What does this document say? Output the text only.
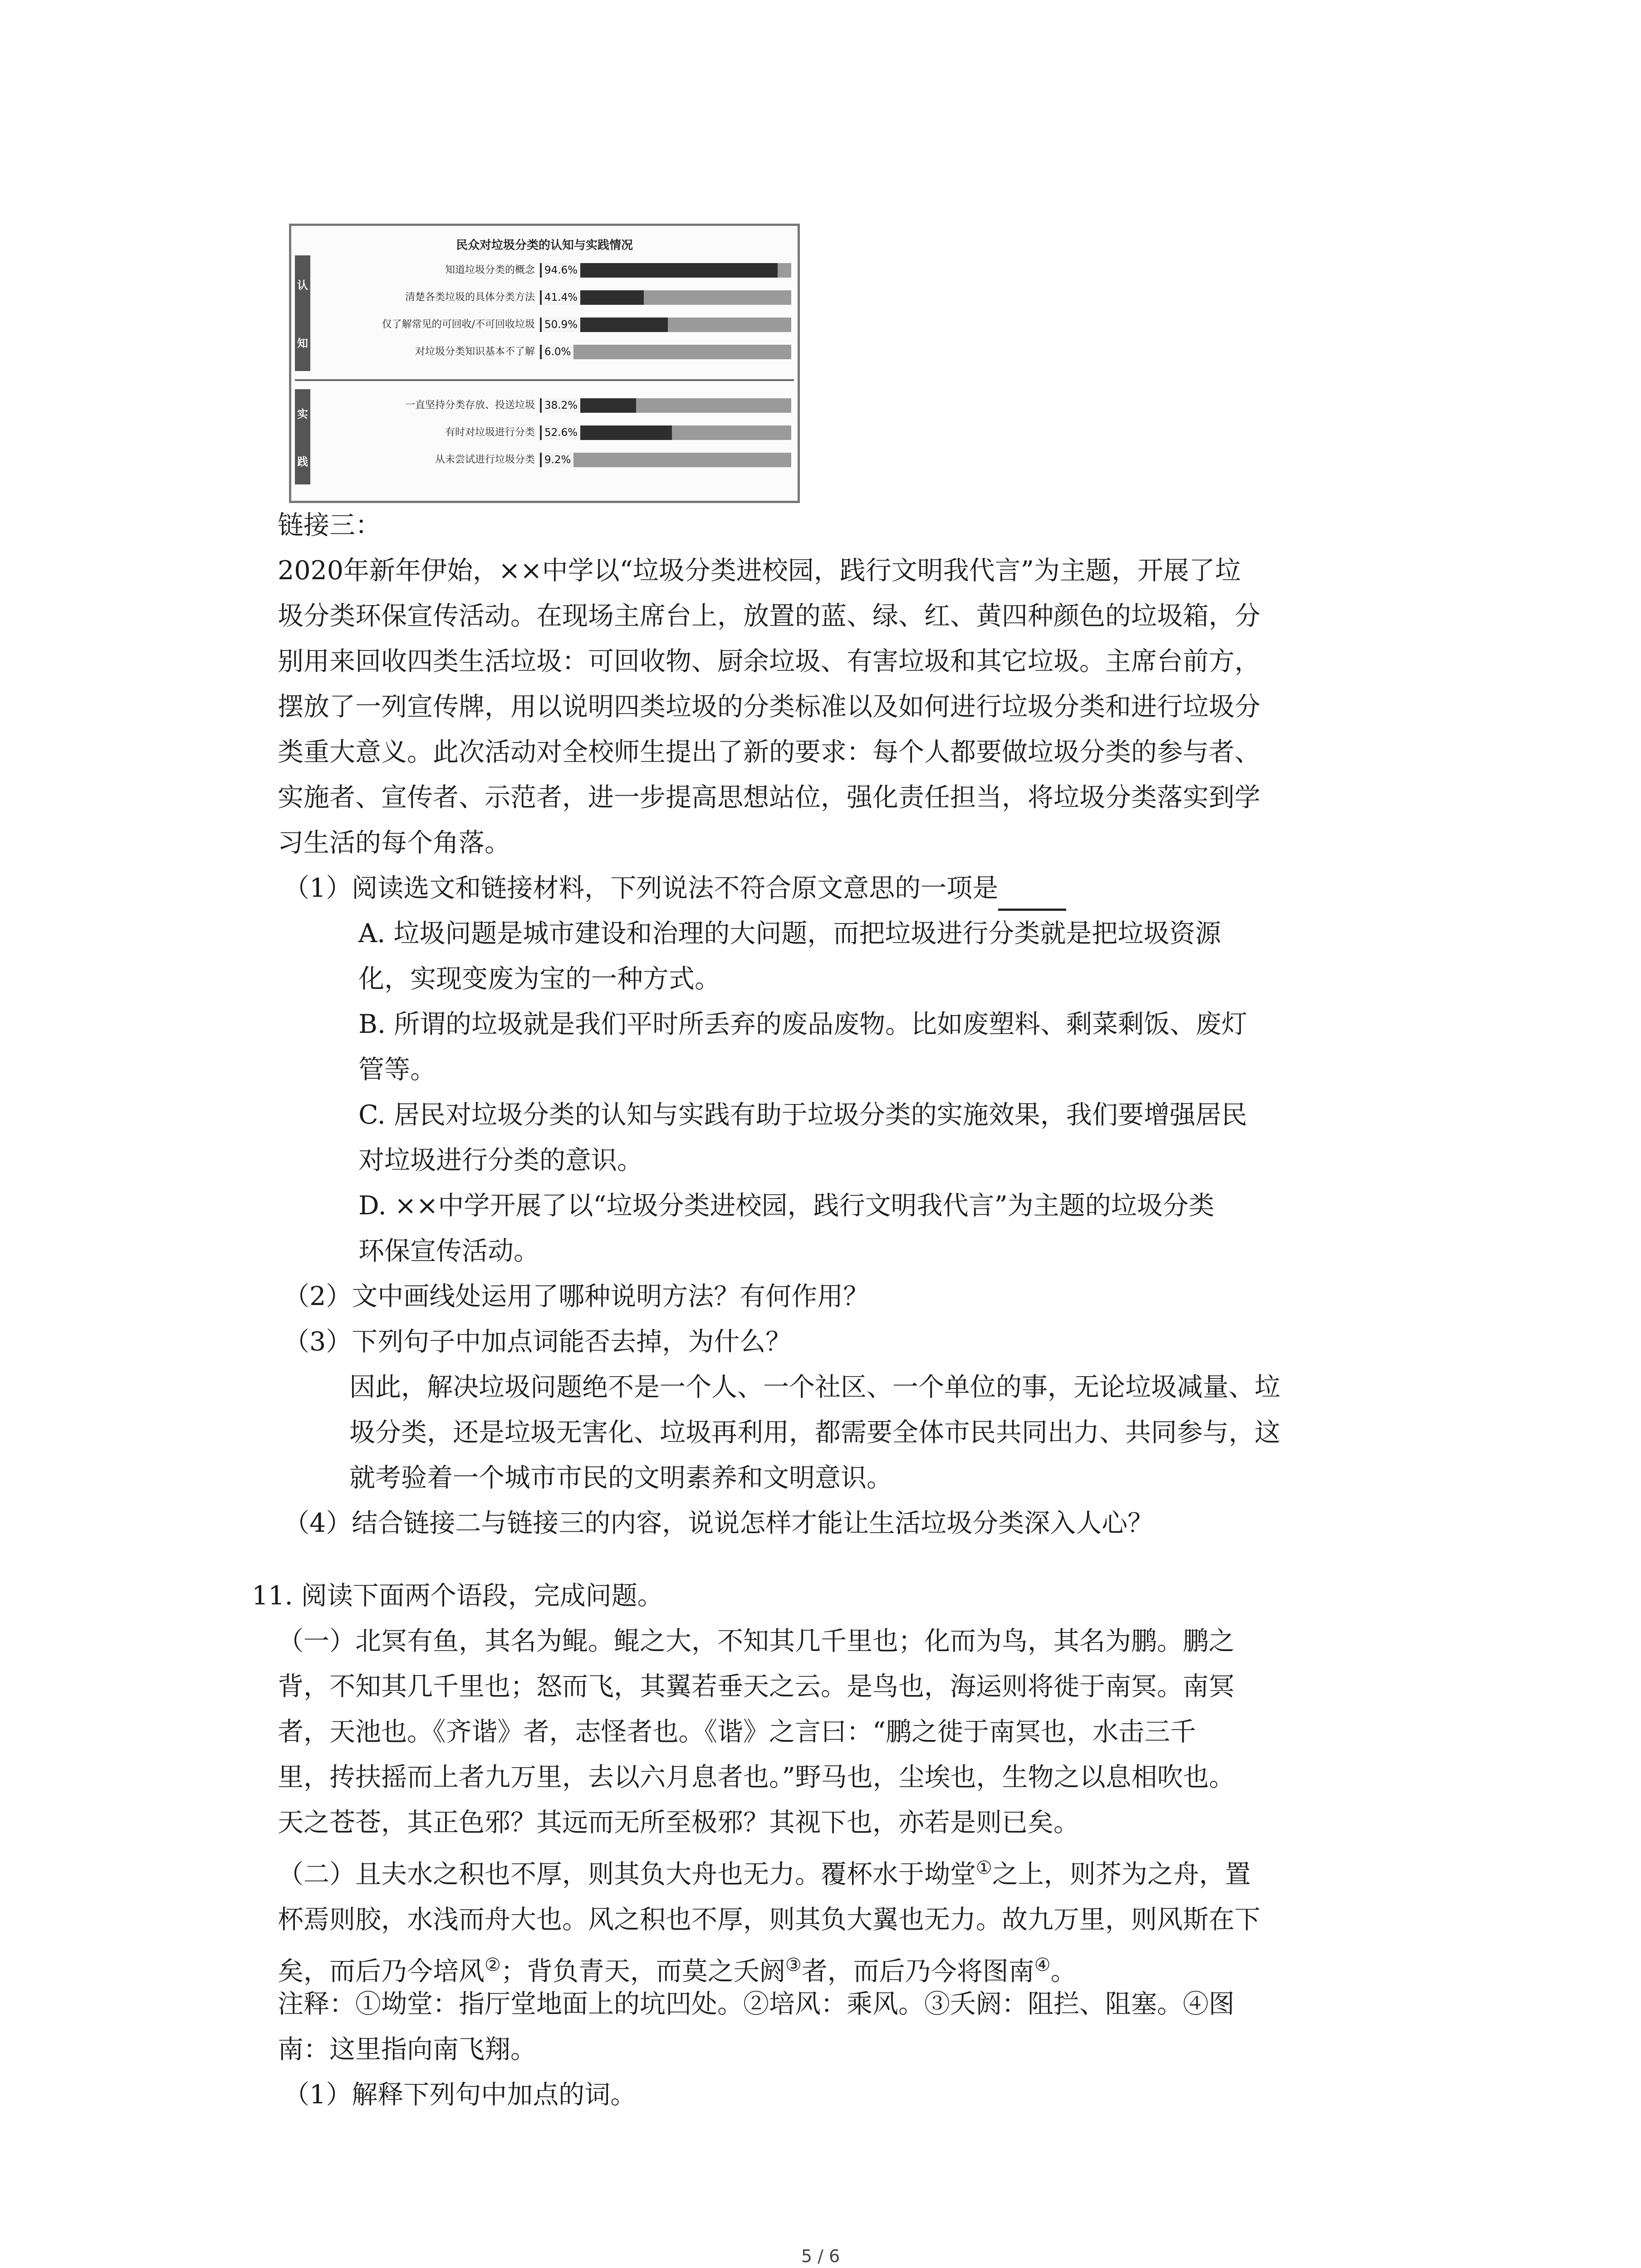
民众对垃圾分类的认知与实践情况
认
知
知道垃圾分类的概念 94.6%
清楚各类垃圾的具体分类方法 41.4%
仅了解常见的可回收/不可回收垃圾 50.9%
对垃圾分类知识基本不了解 6.0%
实
践
一直坚持分类存放、投送垃圾 38.2%
有时对垃圾进行分类 52.6%
从未尝试进行垃圾分类 9.2%
链接三：
2020年新年伊始，××中学以“垃圾分类进校园，践行文明我代言”为主题，开展了垃
圾分类环保宣传活动。在现场主席台上，放置的蓝、绿、红、黄四种颜色的垃圾箱，分
别用来回收四类生活垃圾：可回收物、厨余垃圾、有害垃圾和其它垃圾。主席台前方，
摆放了一列宣传牌，用以说明四类垃圾的分类标准以及如何进行垃圾分类和进行垃圾分
类重大意义。此次活动对全校师生提出了新的要求：每个人都要做垃圾分类的参与者、
实施者、宣传者、示范者，进一步提高思想站位，强化责任担当，将垃圾分类落实到学
习生活的每个角落。
（1）阅读选文和链接材料，下列说法不符合原文意思的一项是
A. 垃圾问题是城市建设和治理的大问题，而把垃圾进行分类就是把垃圾资源
化，实现变废为宝的一种方式。
B. 所谓的垃圾就是我们平时所丢弃的废品废物。比如废塑料、剩菜剩饭、废灯
管等。
C. 居民对垃圾分类的认知与实践有助于垃圾分类的实施效果，我们要增强居民
对垃圾进行分类的意识。
D. ××中学开展了以“垃圾分类进校园，践行文明我代言”为主题的垃圾分类
环保宣传活动。
（2）文中画线处运用了哪种说明方法？有何作用？
（3）下列句子中加点词能否去掉，为什么？
因此，解决垃圾问题绝不是一个人、一个社区、一个单位的事，无论垃圾减量、垃
圾分类，还是垃圾无害化、垃圾再利用，都需要全体市民共同出力、共同参与，这
就考验着一个城市市民的文明素养和文明意识。
（4）结合链接二与链接三的内容，说说怎样才能让生活垃圾分类深入人心？
11. 阅读下面两个语段，完成问题。
（一）北冥有鱼，其名为鲲。鲲之大，不知其几千里也；化而为鸟，其名为鹏。鹏之
背，不知其几千里也；怒而飞，其翼若垂天之云。是鸟也，海运则将徙于南冥。南冥
者，天池也。《齐谐》者，志怪者也。《谐》之言曰：“鹏之徙于南冥也，水击三千
里，抟扶摇而上者九万里，去以六月息者也。”野马也，尘埃也，生物之以息相吹也。
天之苍苍，其正色邪？其远而无所至极邪？其视下也，亦若是则已矣。
（二）且夫水之积也不厚，则其负大舟也无力。覆杯水于坳堂①之上，则芥为之舟，置
杯焉则胶，水浅而舟大也。风之积也不厚，则其负大翼也无力。故九万里，则风斯在下
矣，而后乃今培风②；背负青天，而莫之夭阏③者，而后乃今将图南④。
注释：①坳堂：指厅堂地面上的坑凹处。②培风：乘风。③夭阏：阻拦、阻塞。④图
南：这里指向南飞翔。
（1）解释下列句中加点的词。
5 / 6
